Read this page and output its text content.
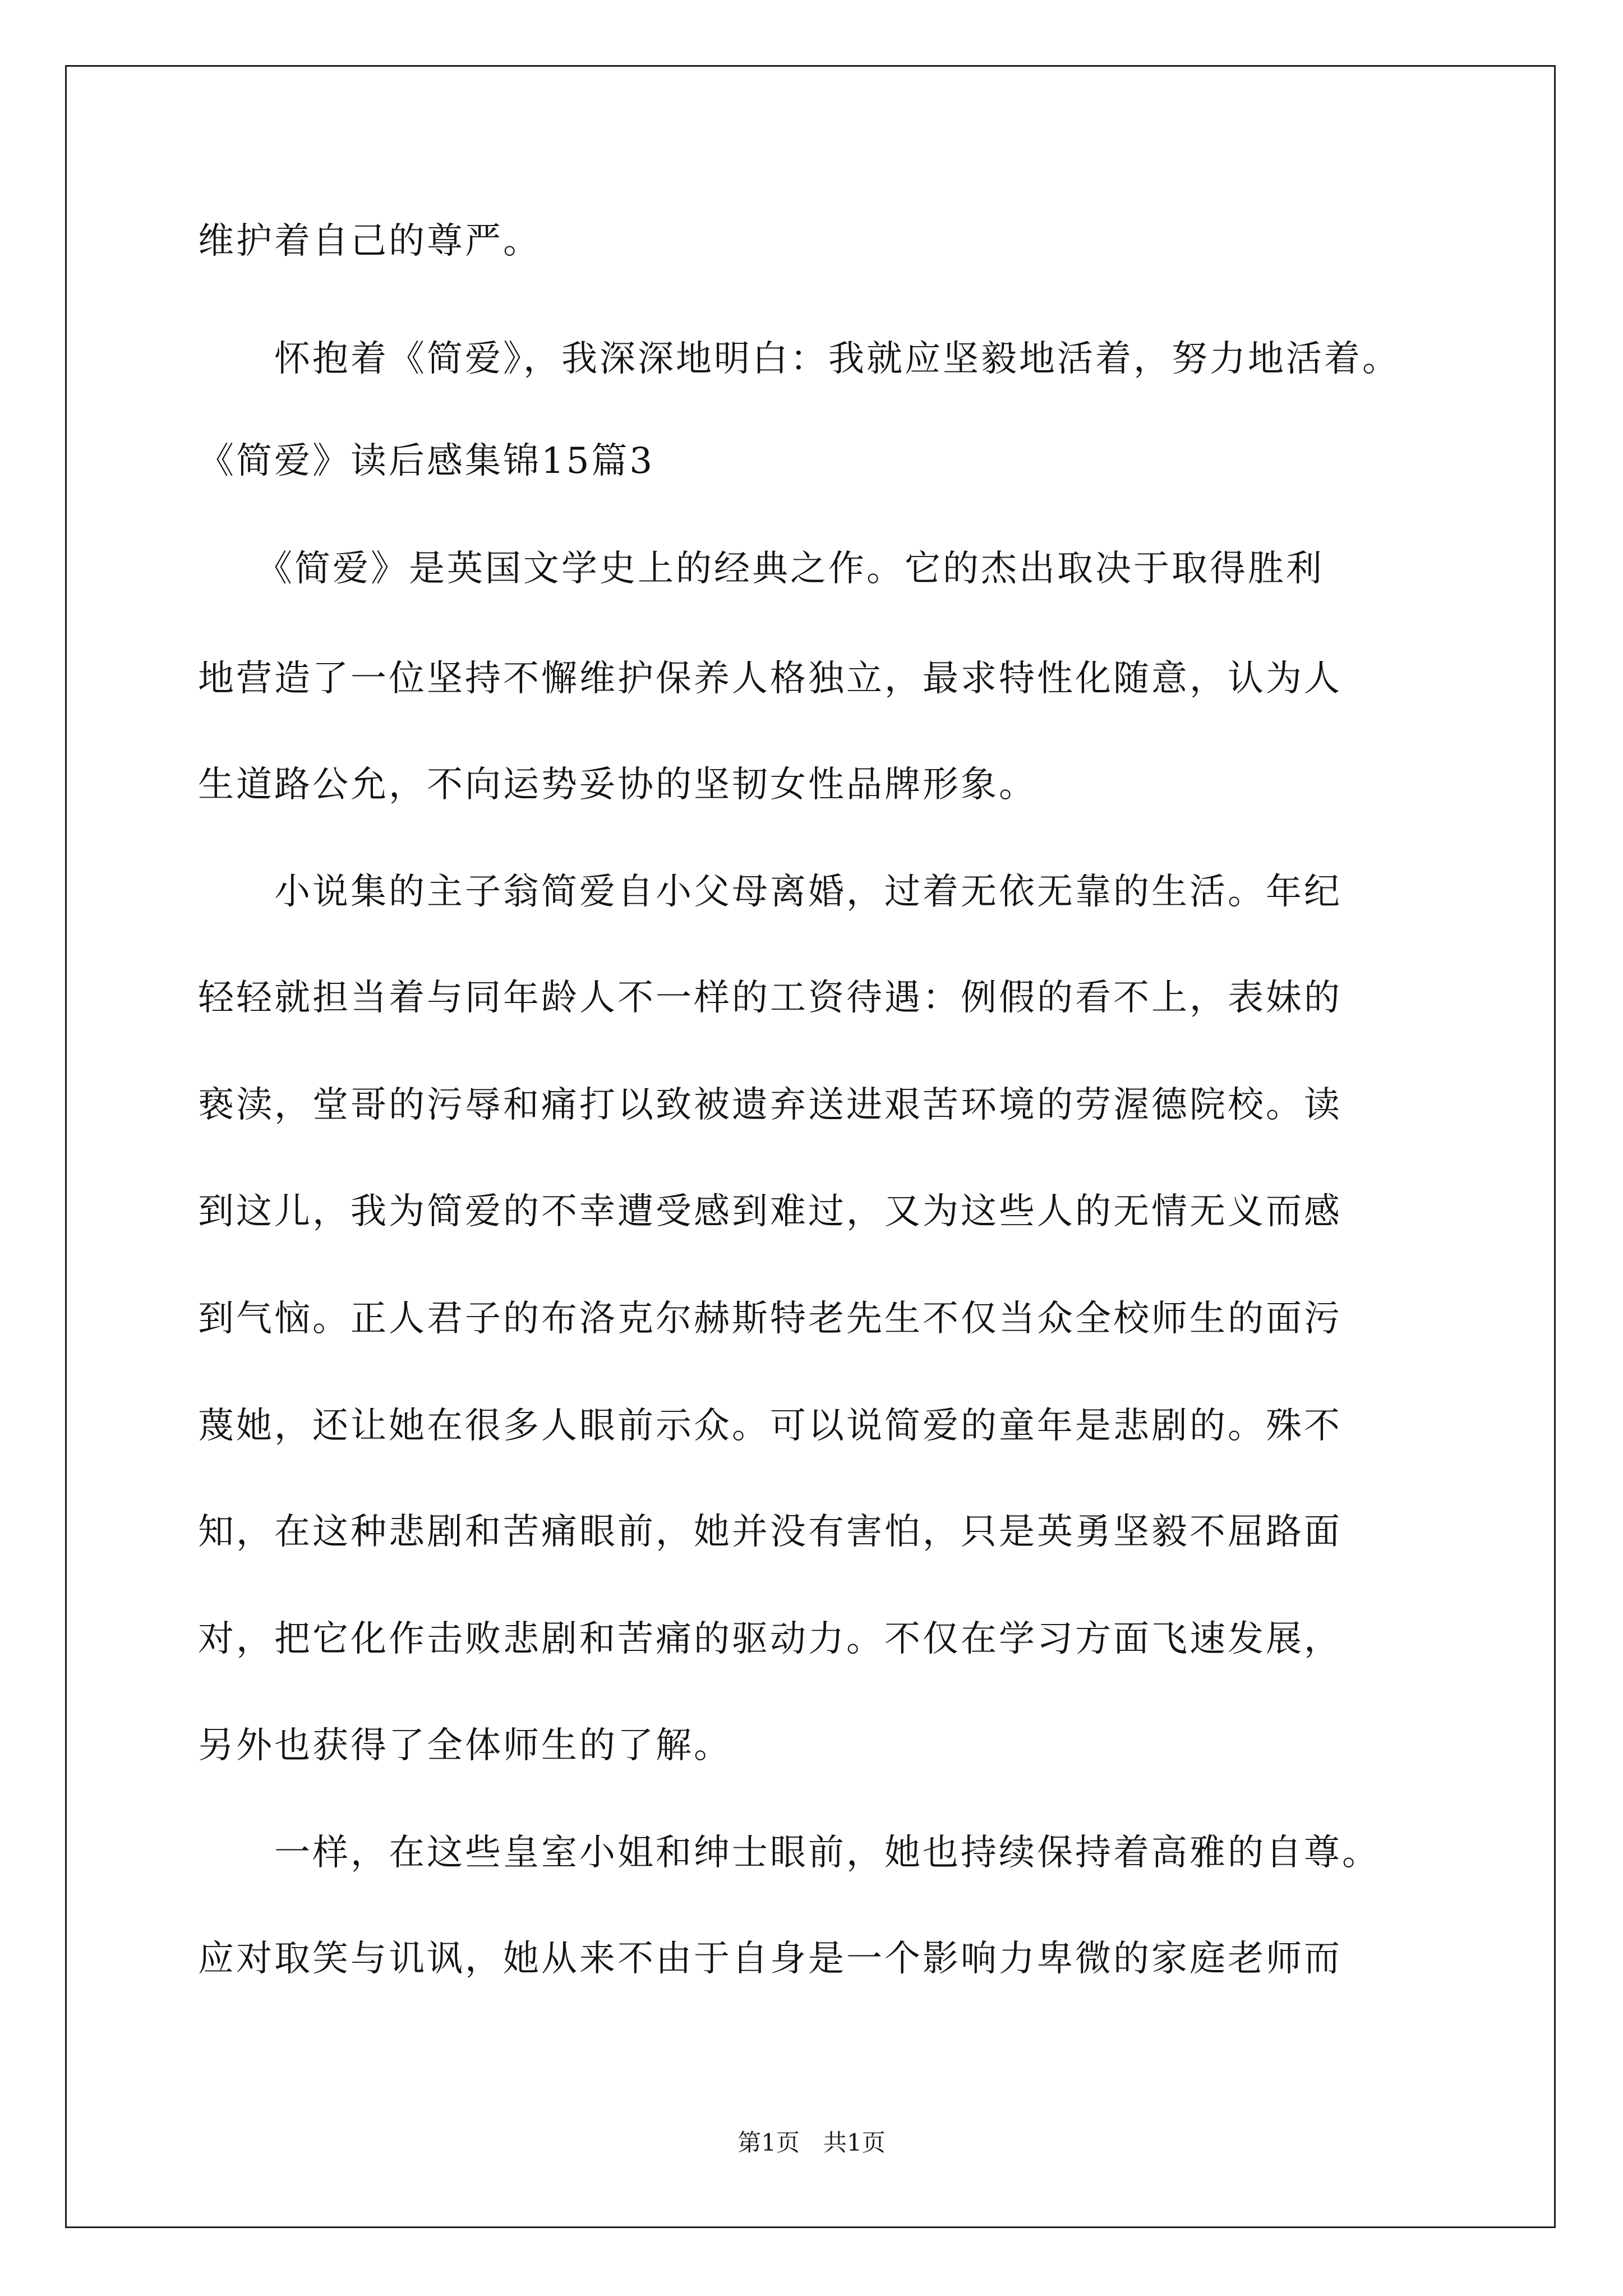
维护着自己的尊严。
　　怀抱着《简爱》，我深深地明白：我就应坚毅地活着，努力地活着。
《简爱》读后感集锦15篇3
　　《简爱》是英国文学史上的经典之作。它的杰出取决于取得胜利
地营造了一位坚持不懈维护保养人格独立，最求特性化随意，认为人
生道路公允，不向运势妥协的坚韧女性品牌形象。
　　小说集的主子翁简爱自小父母离婚，过着无依无靠的生活。年纪
轻轻就担当着与同年龄人不一样的工资待遇：例假的看不上，表妹的
亵渎，堂哥的污辱和痛打以致被遗弃送进艰苦环境的劳渥德院校。读
到这儿，我为简爱的不幸遭受感到难过，又为这些人的无情无义而感
到气恼。正人君子的布洛克尔赫斯特老先生不仅当众全校师生的面污
蔑她，还让她在很多人眼前示众。可以说简爱的童年是悲剧的。殊不
知，在这种悲剧和苦痛眼前，她并没有害怕，只是英勇坚毅不屈路面
对，把它化作击败悲剧和苦痛的驱动力。不仅在学习方面飞速发展，
另外也获得了全体师生的了解。
　　一样，在这些皇室小姐和绅士眼前，她也持续保持着高雅的自尊。
应对取笑与讥讽，她从来不由于自身是一个影响力卑微的家庭老师而
第1页　共1页
